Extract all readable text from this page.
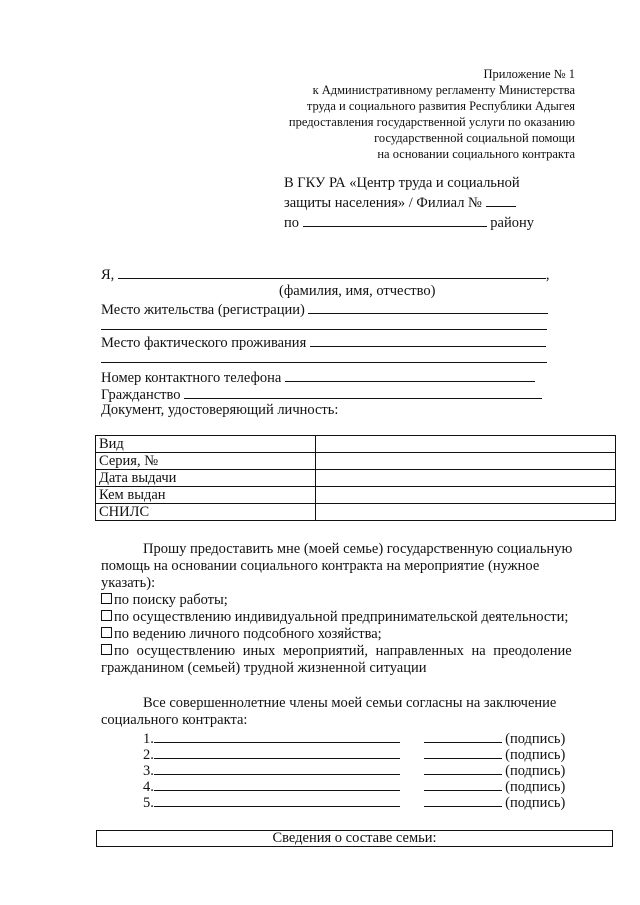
Приложение № 1
к Административному регламенту Министерства
труда и социального развития Республики Адыгея
предоставления государственной услуги по оказанию
государственной социальной помощи
на основании социального контракта
В ГКУ РА «Центр труда и социальной
защиты населения» / Филиал №
по	району
Я,	,
(фамилия, имя, отчество)
Место жительства (регистрации)
Место фактического проживания
Номер контактного телефона
Гражданство
Документ, удостоверяющий личность:
Вид	
Серия, №	
Дата выдачи	
Кем выдан	
СНИЛС	
Прошу предоставить мне (моей семье) государственную социальную
помощь на основании социального контракта на мероприятие (нужное
указать):
по поиску работы;
по осуществлению индивидуальной предпринимательской деятельности;
по ведению личного подсобного хозяйства;
по осуществлению иных мероприятий, направленных на преодоление
гражданином (семьей) трудной жизненной ситуации
Все совершеннолетние члены моей семьи согласны на заключение
социального контракта:
1.	(подпись)
2.	(подпись)
3.	(подпись)
4.	(подпись)
5.	(подпись)
Сведения о составе семьи:
